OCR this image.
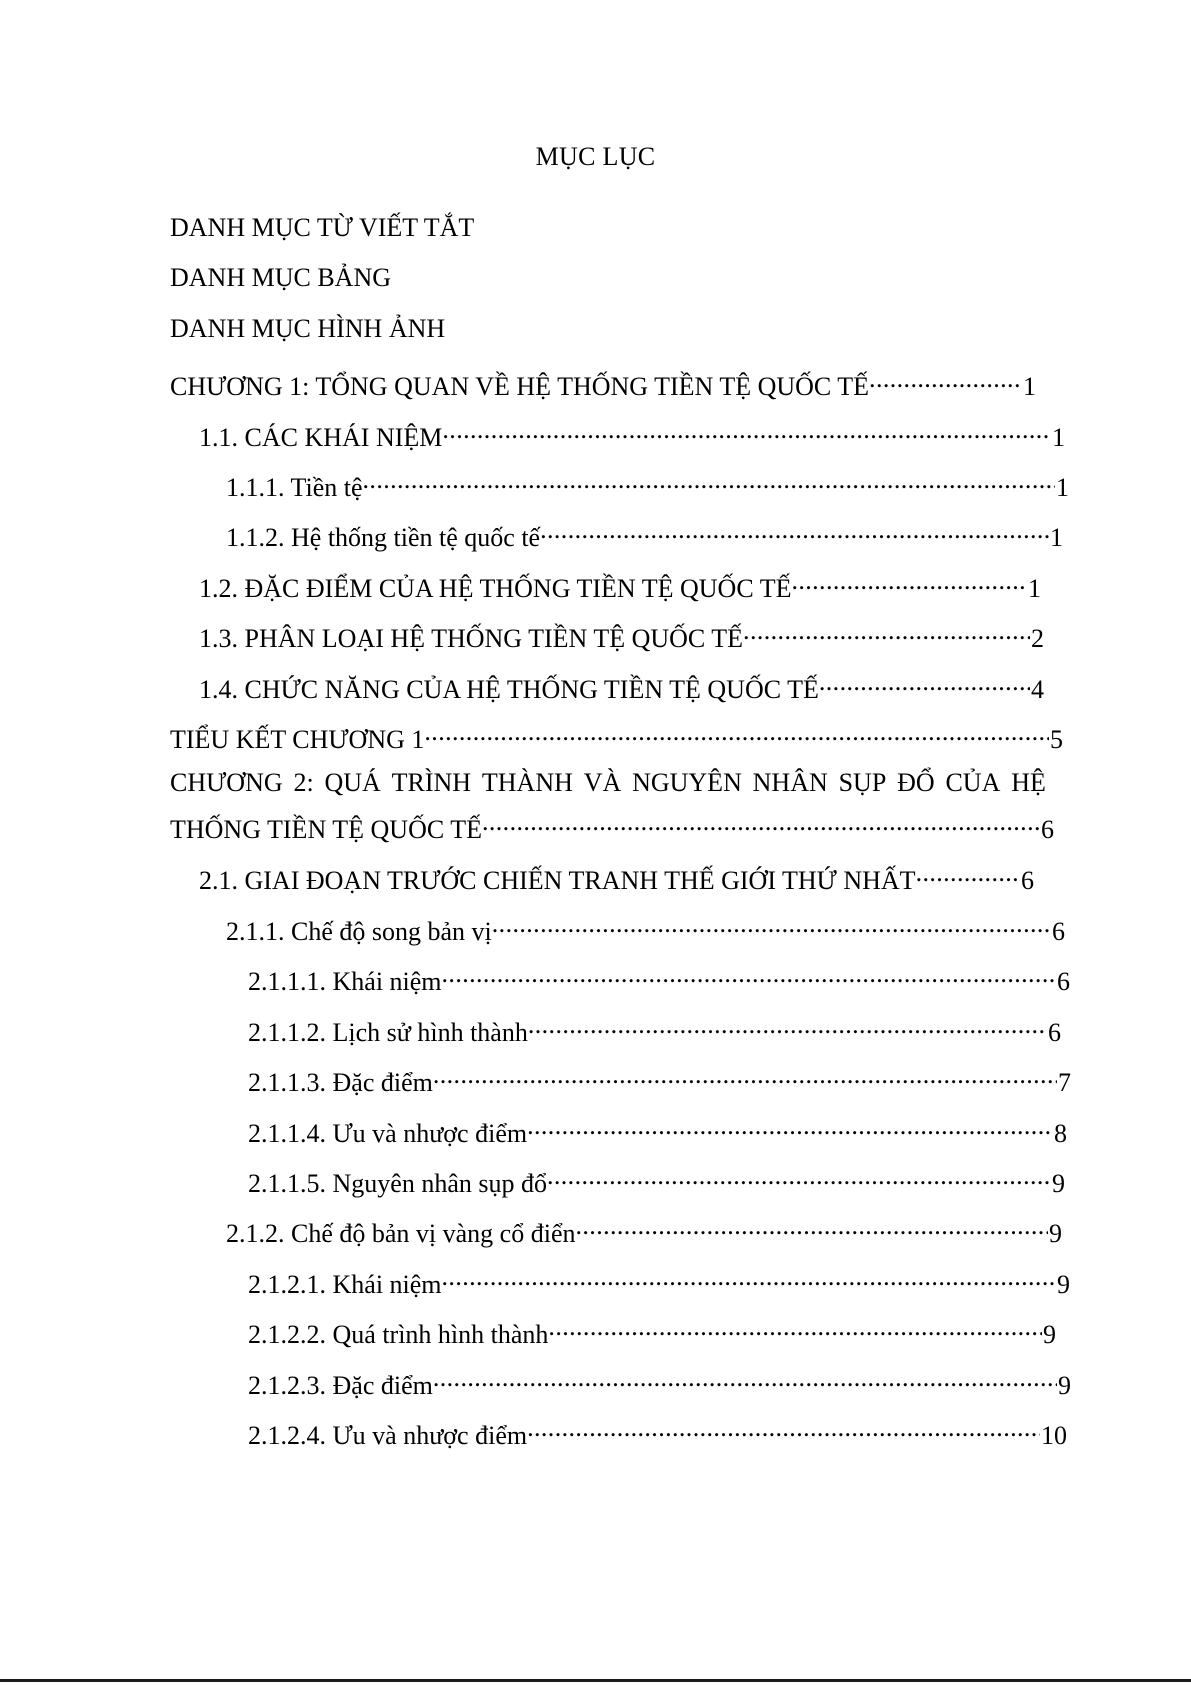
MỤC LỤC
DANH MỤC TỪ VIẾT TẮT
DANH MỤC BẢNG
DANH MỤC HÌNH ẢNH
CHƯƠNG 1: TỔNG QUAN VỀ HỆ THỐNG TIỀN TỆ QUỐC TẾ .....	1
1.1. CÁC KHÁI NIỆM .....	1
1.1.1. Tiền tệ .....	1
1.1.2. Hệ thống tiền tệ quốc tế .....	1
1.2. ĐẶC ĐIỂM CỦA HỆ THỐNG TIỀN TỆ QUỐC TẾ .....	1
1.3. PHÂN LOẠI HỆ THỐNG TIỀN TỆ QUỐC TẾ .....	2
1.4. CHỨC NĂNG CỦA HỆ THỐNG TIỀN TỆ QUỐC TẾ .....	4
TIỂU KẾT CHƯƠNG 1 .....	5
CHƯƠNG 2: QUÁ TRÌNH THÀNH VÀ NGUYÊN NHÂN SỤP ĐỔ CỦA HỆ
THỐNG TIỀN TỆ QUỐC TẾ .....	6
2.1. GIAI ĐOẠN TRƯỚC CHIẾN TRANH THẾ GIỚI THỨ NHẤT .....	6
2.1.1. Chế độ song bản vị .....	6
2.1.1.1. Khái niệm .....	6
2.1.1.2. Lịch sử hình thành .....	6
2.1.1.3. Đặc điểm .....	7
2.1.1.4. Ưu và nhược điểm .....	8
2.1.1.5. Nguyên nhân sụp đổ .....	9
2.1.2. Chế độ bản vị vàng cổ điển .....	9
2.1.2.1. Khái niệm .....	9
2.1.2.2. Quá trình hình thành .....	9
2.1.2.3. Đặc điểm .....	9
2.1.2.4. Ưu và nhược điểm .....	10
